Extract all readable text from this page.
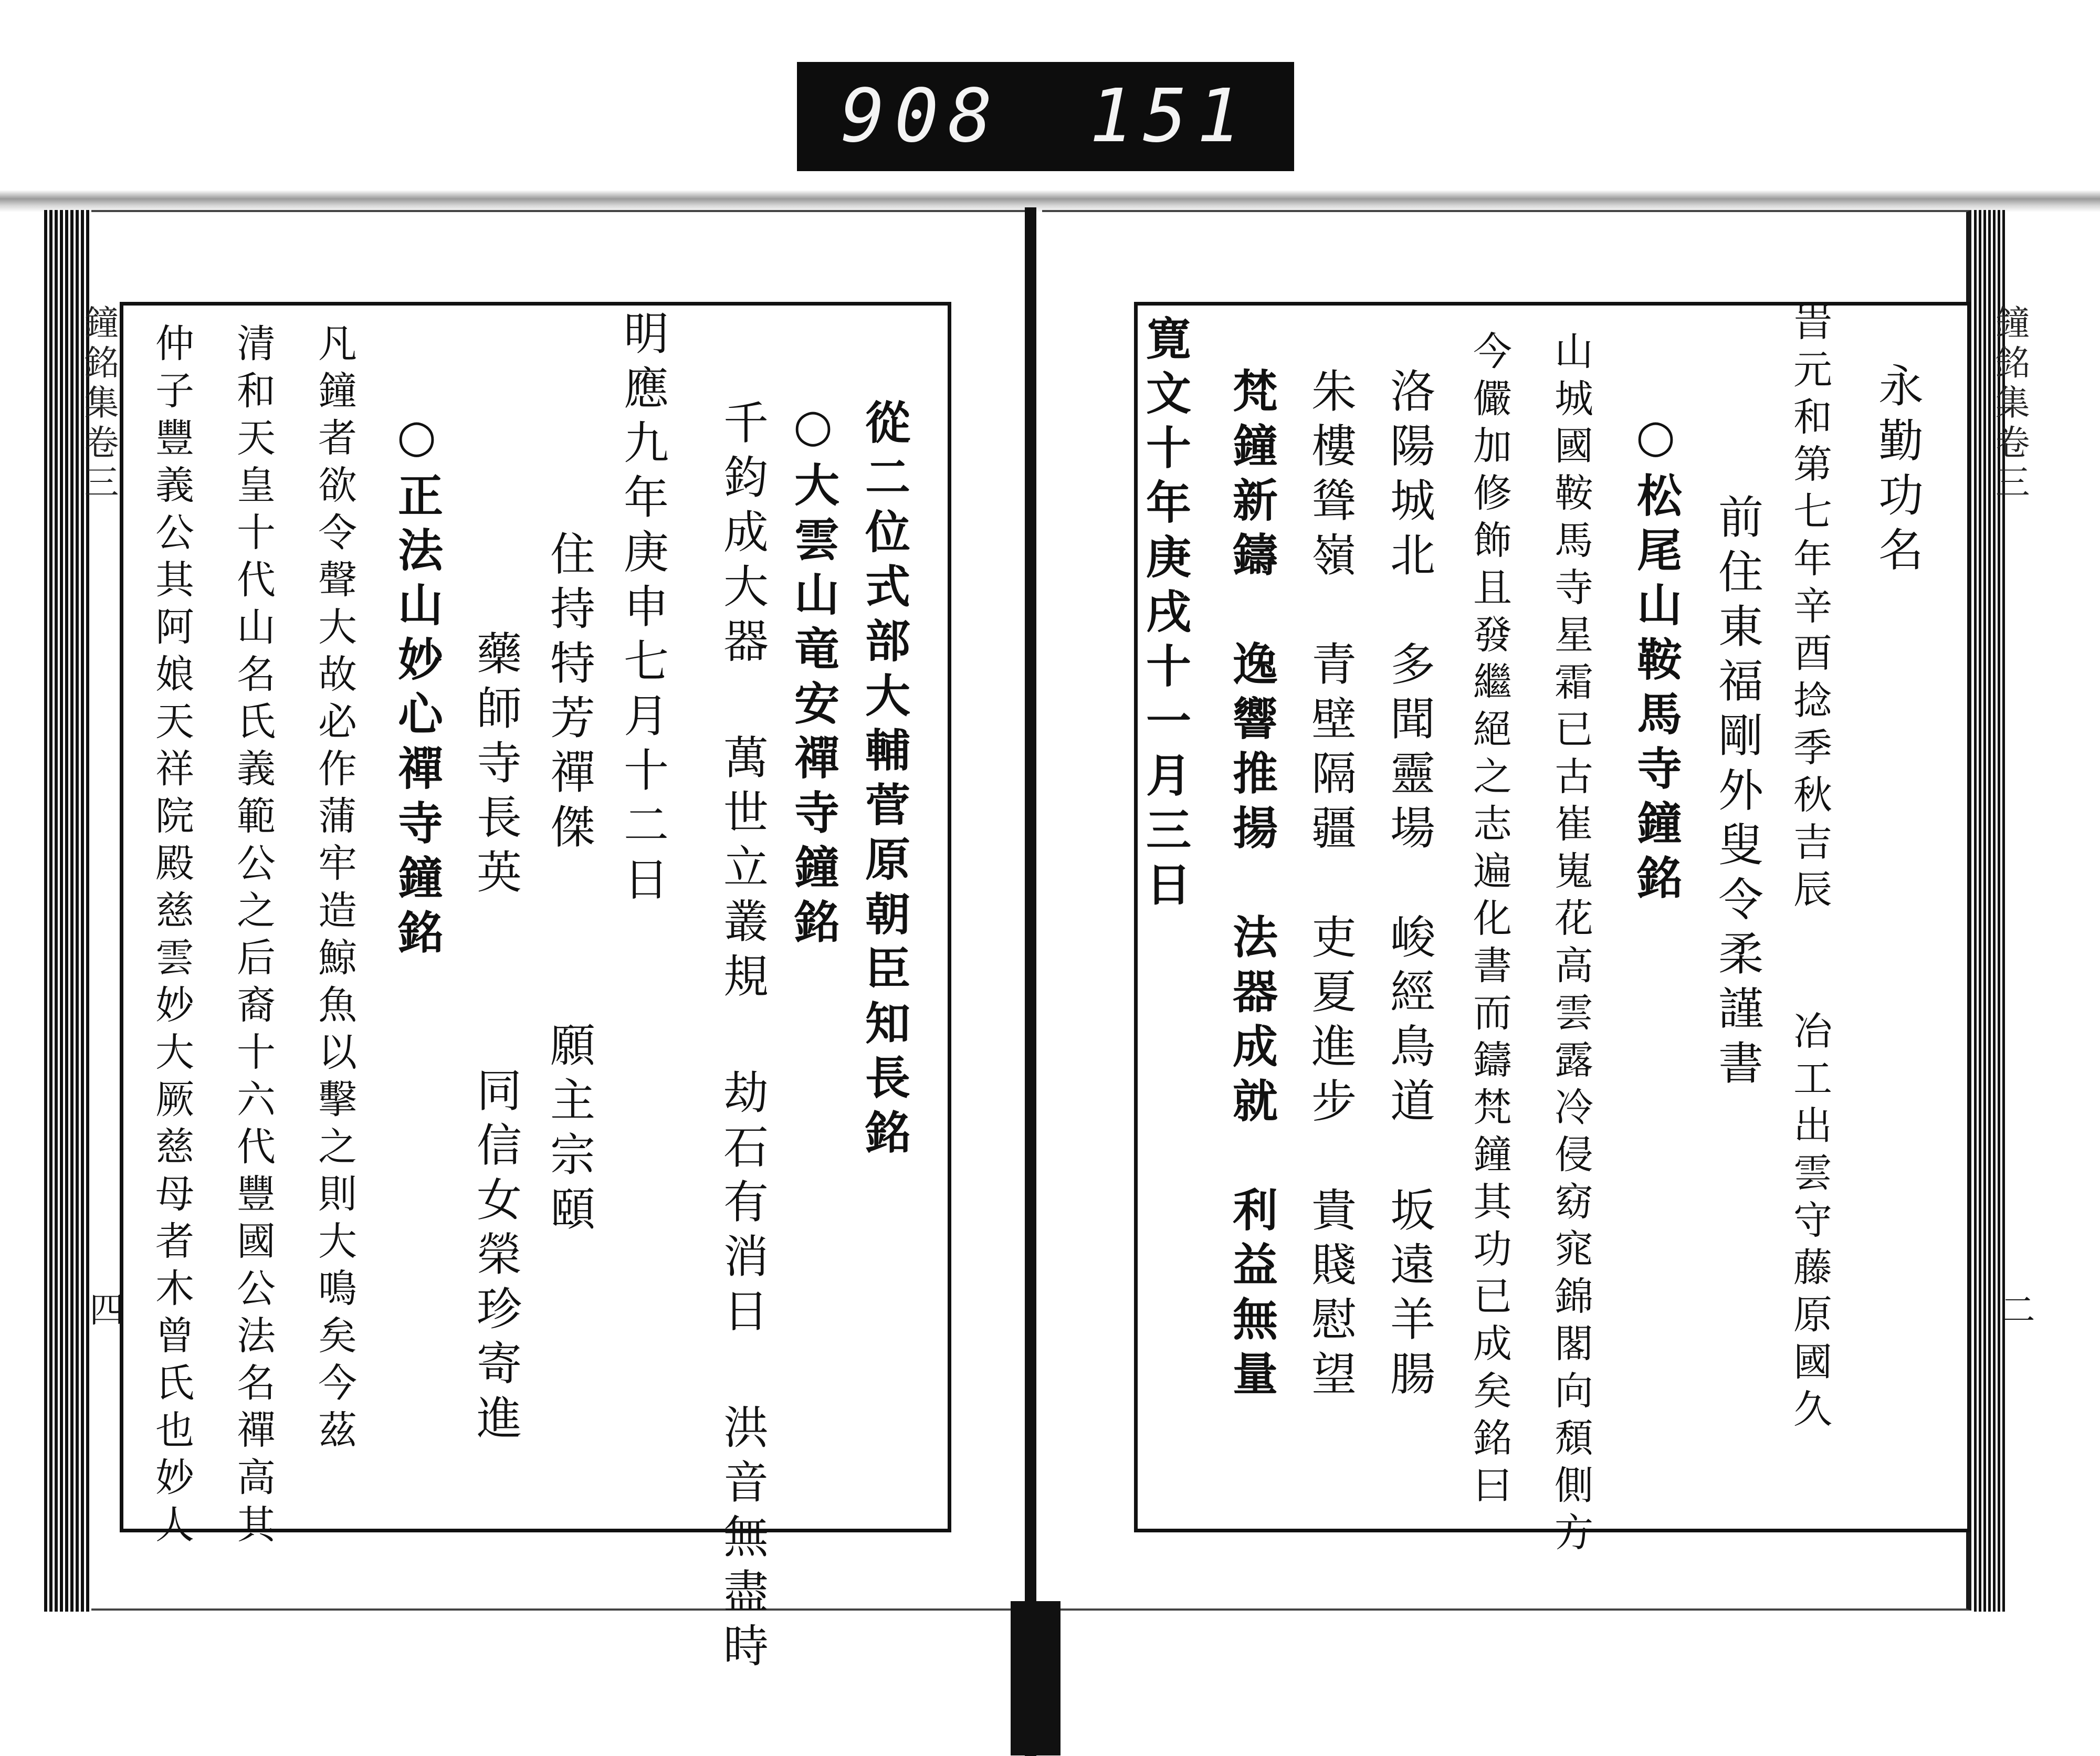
908 151
鐘銘集卷三
四
從二位式部大輔菅原朝臣知長銘
○大雲山竜安禪寺鐘銘
千鈞成大器 萬世立叢規 劫石有消日 洪音無盡時
明應九年庚申七月十二日
住持特芳禪傑　　　願主宗頤
藥師寺長英　　　同信女榮珍寄進
○正法山妙心禪寺鐘銘
凡鐘者欲令聲大故必作蒲牢造鯨魚以擊之則大鳴矣今茲
清和天皇十代山名氏義範公之后裔十六代豐國公法名禪高其
仲子豐義公其阿娘天祥院殿慈雲妙大厥慈母者木曾氏也妙人	鐘銘集卷三
二
永勤功名
旹元和第七年辛酉捻季秋吉辰　　冶工出雲守藤原國久
前住東福剛外叟令柔謹書
○松尾山鞍馬寺鐘銘
山城國鞍馬寺星霜已古崔嵬花高雲露冷侵窈窕錦閣向頹側方
今儼加修飾且發繼絕之志遍化書而鑄梵鐘其功已成矣銘曰
洛陽城北　多聞靈場　峻經鳥道　坂遠羊腸
朱樓聳嶺　青壁隔疆　吏夏進步　貴賤慰望
梵鐘新鑄　逸響推揚　法器成就　利益無量
寛文十年庚戌十一月三日
